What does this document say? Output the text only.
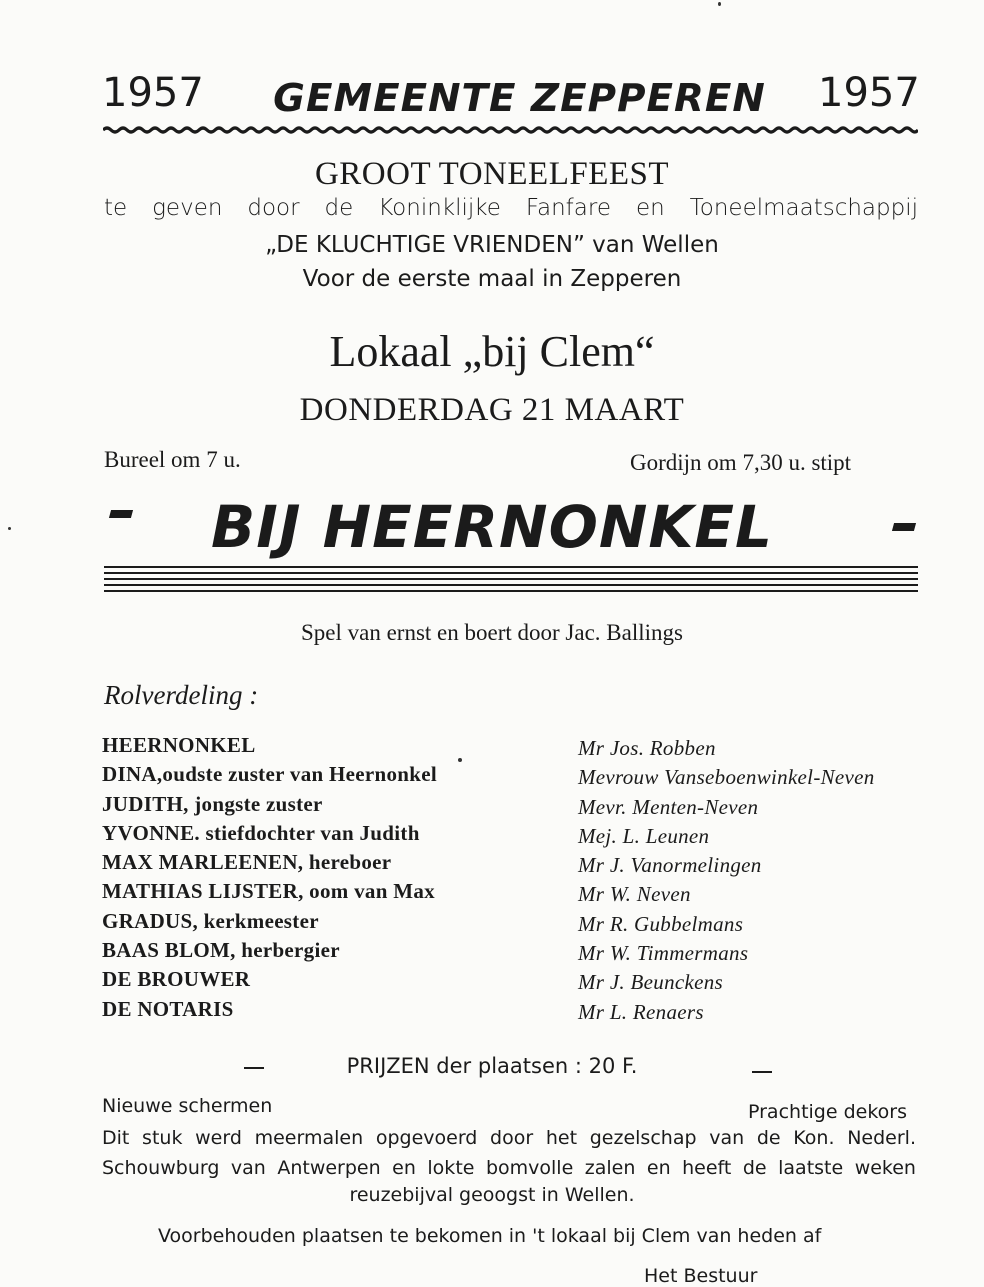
1957 GEMEENTE ZEPPEREN 1957
GROOT TONEELFEEST
te geven door de Koninklijke Fanfare en Toneelmaatschappij
„DE KLUCHTIGE VRIENDEN” van Wellen
Voor de eerste maal in Zepperen
Lokaal „bij Clem“
DONDERDAG 21 MAART
Bureel om 7 u.	Gordijn om 7,30 u. stipt
BIJ HEERNONKEL
Spel van ernst en boert door Jac. Ballings
Rolverdeling :
HEERNONKEL
DINA,oudste zuster van Heernonkel
JUDITH, jongste zuster
YVONNE. stiefdochter van Judith
MAX MARLEENEN, hereboer
MATHIAS LIJSTER, oom van Max
GRADUS, kerkmeester
BAAS BLOM, herbergier
DE BROUWER
DE NOTARIS
Mr Jos. Robben
Mevrouw Vanseboenwinkel-Neven
Mevr. Menten-Neven
Mej. L. Leunen
Mr J. Vanormelingen
Mr W. Neven
Mr R. Gubbelmans
Mr W. Timmermans
Mr J. Beunckens
Mr L. Renaers
PRIJZEN der plaatsen : 20 F.
Nieuwe schermen	Prachtige dekors
Dit stuk werd meermalen opgevoerd door het gezelschap van de Kon. Nederl.
Schouwburg van Antwerpen en lokte bomvolle zalen en heeft de laatste weken
reuzebijval geoogst in Wellen.
Voorbehouden plaatsen te bekomen in 't lokaal bij Clem van heden af
Het Bestuur
